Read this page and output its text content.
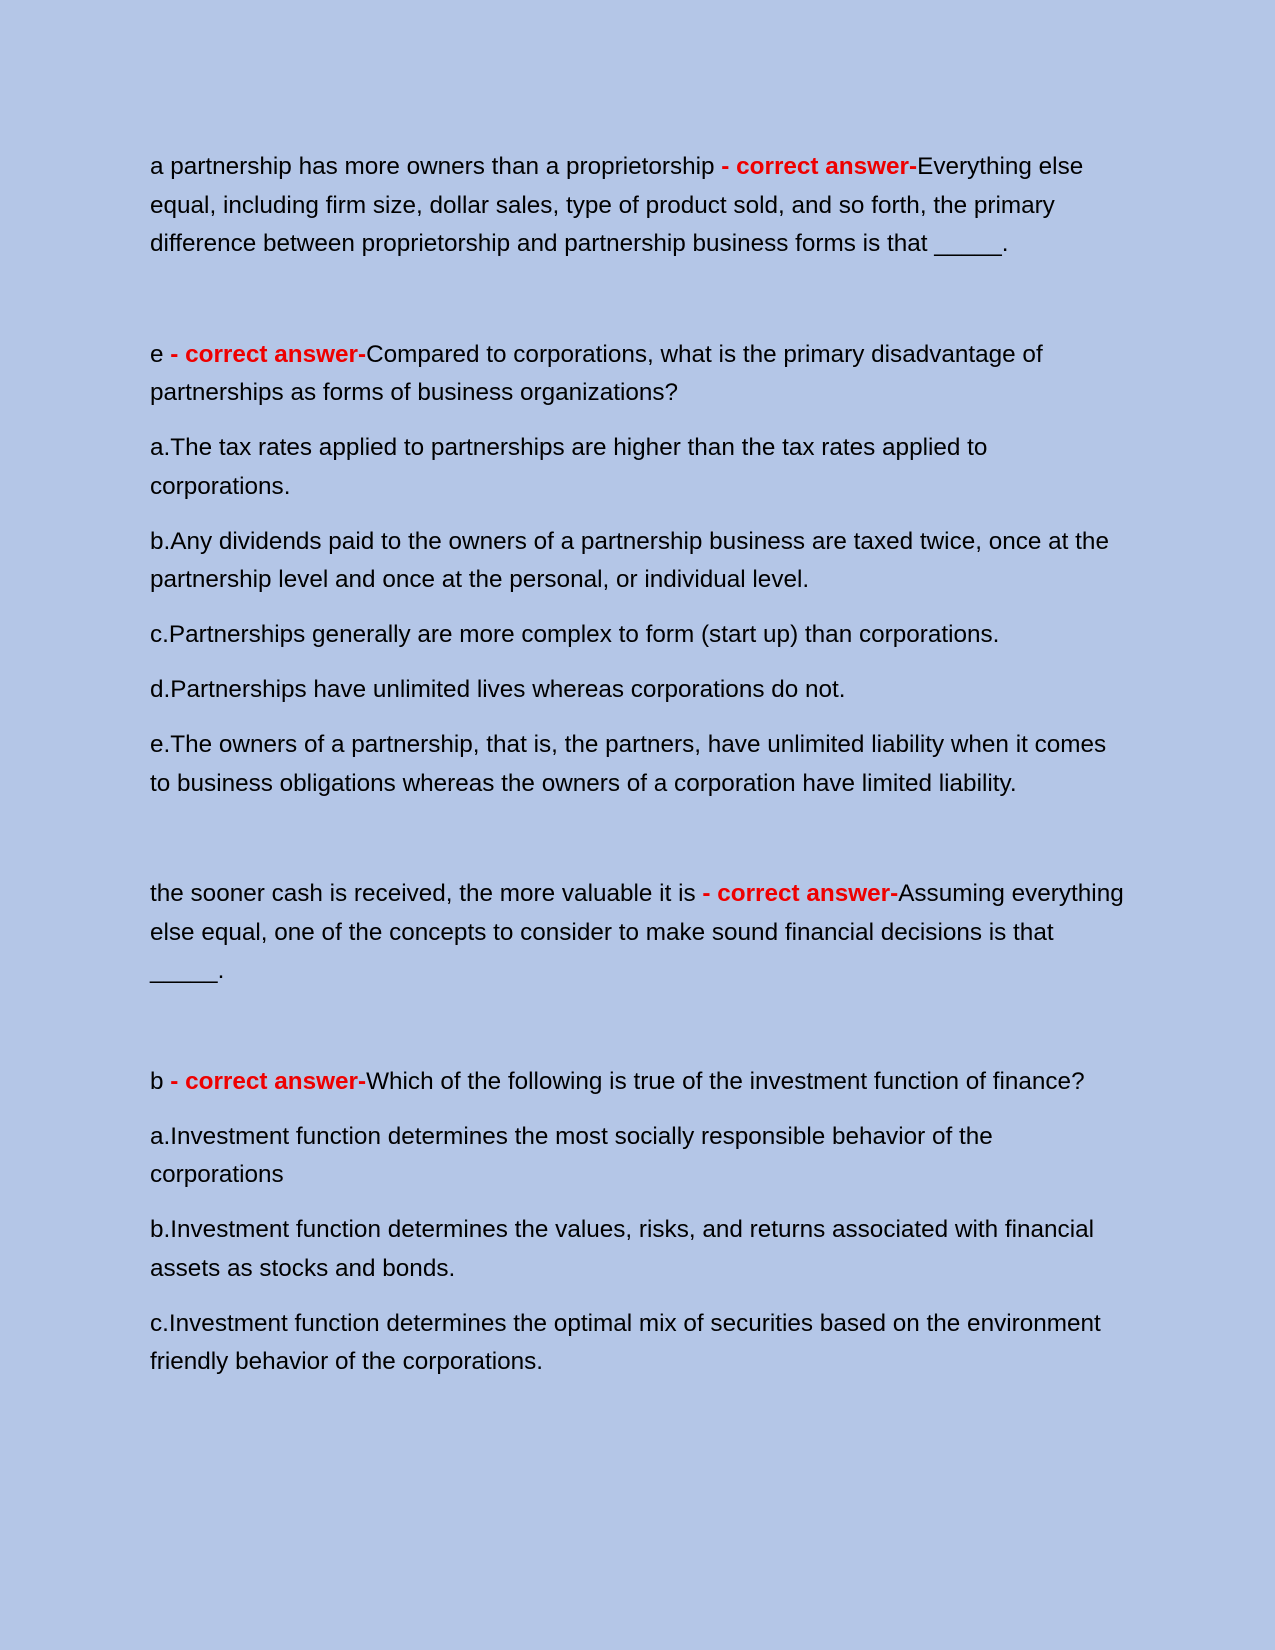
a partnership has more owners than a proprietorship - correct answer-Everything else equal, including firm size, dollar sales, type of product sold, and so forth, the primary difference between proprietorship and partnership business forms is that _____.

e - correct answer-Compared to corporations, what is the primary disadvantage of partnerships as forms of business organizations?

a.The tax rates applied to partnerships are higher than the tax rates applied to corporations.

b.Any dividends paid to the owners of a partnership business are taxed twice, once at the partnership level and once at the personal, or individual level.

c.Partnerships generally are more complex to form (start up) than corporations.

d.Partnerships have unlimited lives whereas corporations do not.

e.The owners of a partnership, that is, the partners, have unlimited liability when it comes to business obligations whereas the owners of a corporation have limited liability.

the sooner cash is received, the more valuable it is - correct answer-Assuming everything else equal, one of the concepts to consider to make sound financial decisions is that _____.

b - correct answer-Which of the following is true of the investment function of finance?

a.Investment function determines the most socially responsible behavior of the corporations

b.Investment function determines the values, risks, and returns associated with financial assets as stocks and bonds.

c.Investment function determines the optimal mix of securities based on the environment friendly behavior of the corporations.
